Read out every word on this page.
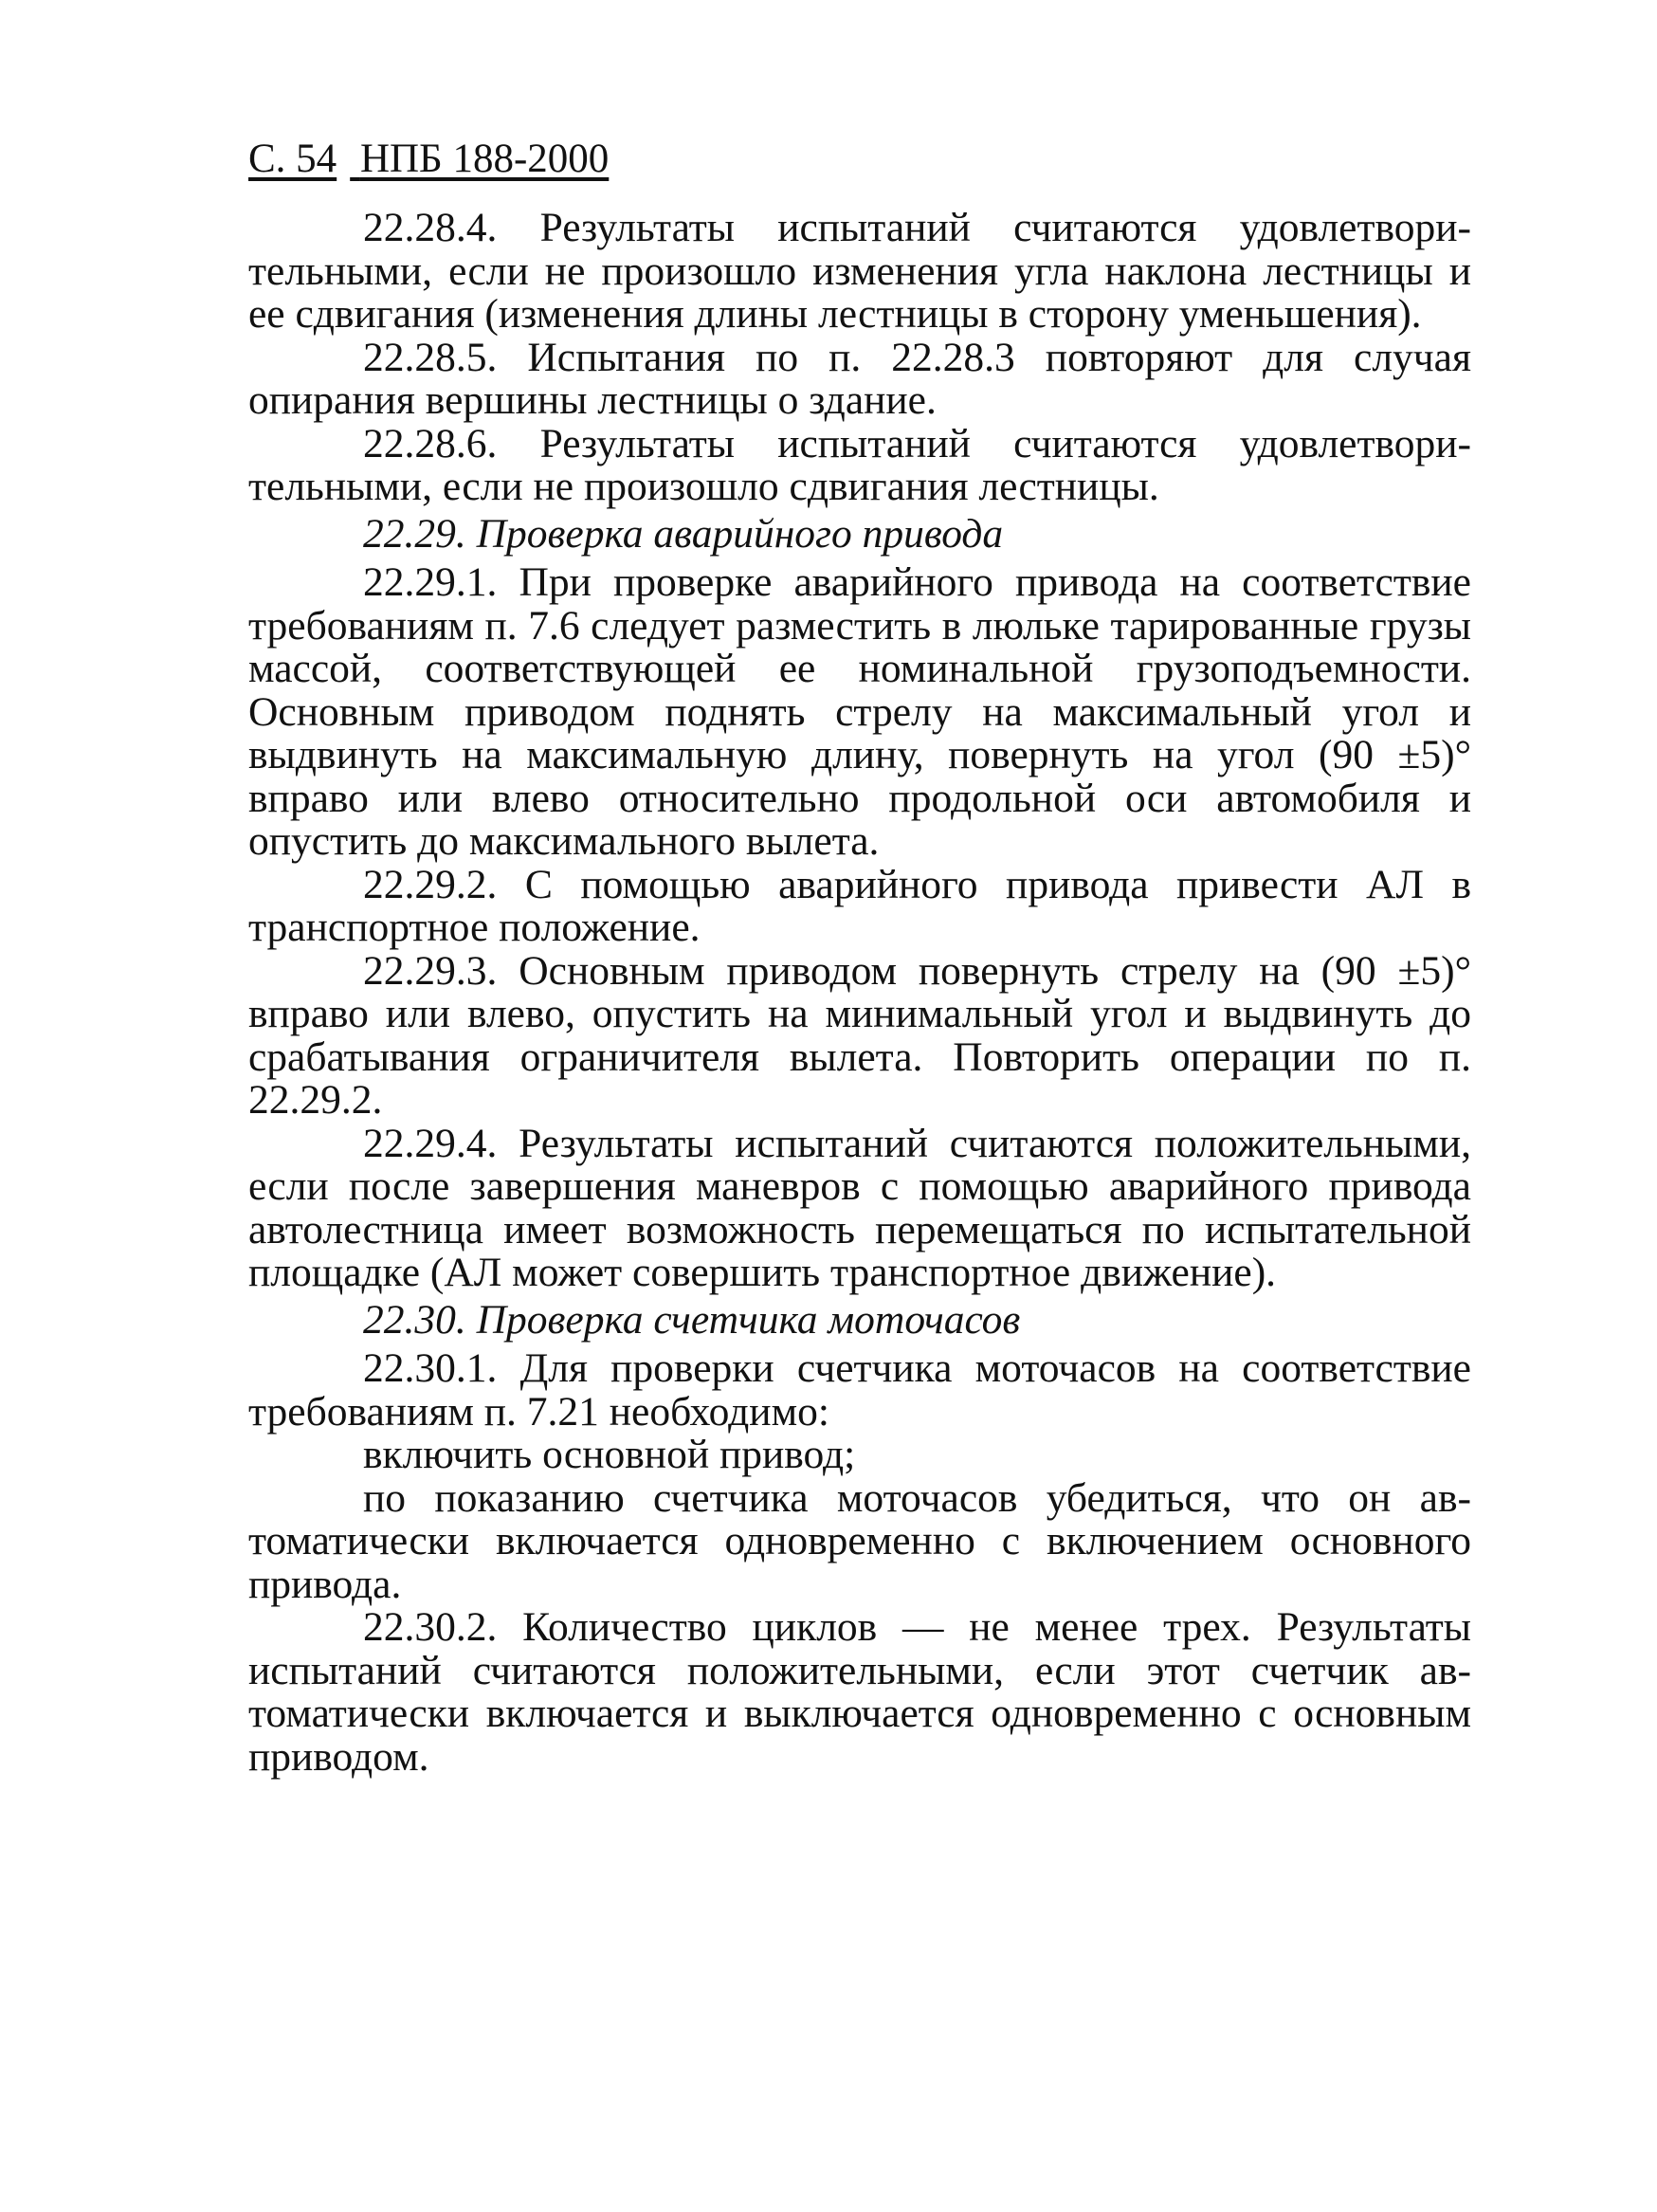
С. 54 НПБ 188-2000

22.28.4. Результаты испытаний считаются удовлетворительными, если не произошло изменения угла наклона лестницы и ее сдвигания (изменения длины лестницы в сторону уменьшения).

22.28.5. Испытания по п. 22.28.3 повторяют для случая опирания вершины лестницы о здание.

22.28.6. Результаты испытаний считаются удовлетворительными, если не произошло сдвигания лестницы.

22.29. Проверка аварийного привода

22.29.1. При проверке аварийного привода на соответствие требованиям п. 7.6 следует разместить в люльке тарированные грузы массой, соответствующей ее номинальной грузоподъемности. Основным приводом поднять стрелу на максимальный угол и выдвинуть на максимальную длину, повернуть на угол (90 ±5)° вправо или влево относительно продольной оси автомобиля и опустить до максимального вылета.

22.29.2. С помощью аварийного привода привести АЛ в транспортное положение.

22.29.3. Основным приводом повернуть стрелу на (90 ±5)° вправо или влево, опустить на минимальный угол и выдвинуть до срабатывания ограничителя вылета. Повторить операции по п. 22.29.2.

22.29.4. Результаты испытаний считаются положительными, если после завершения маневров с помощью аварийного привода автолестница имеет возможность перемещаться по испытательной площадке (АЛ может совершить транспортное движение).

22.30. Проверка счетчика моточасов

22.30.1. Для проверки счетчика моточасов на соответствие требованиям п. 7.21 необходимо:

включить основной привод;

по показанию счетчика моточасов убедиться, что он автоматически включается одновременно с включением основного привода.

22.30.2. Количество циклов — не менее трех. Результаты испытаний считаются положительными, если этот счетчик автоматически включается и выключается одновременно с основным приводом.
